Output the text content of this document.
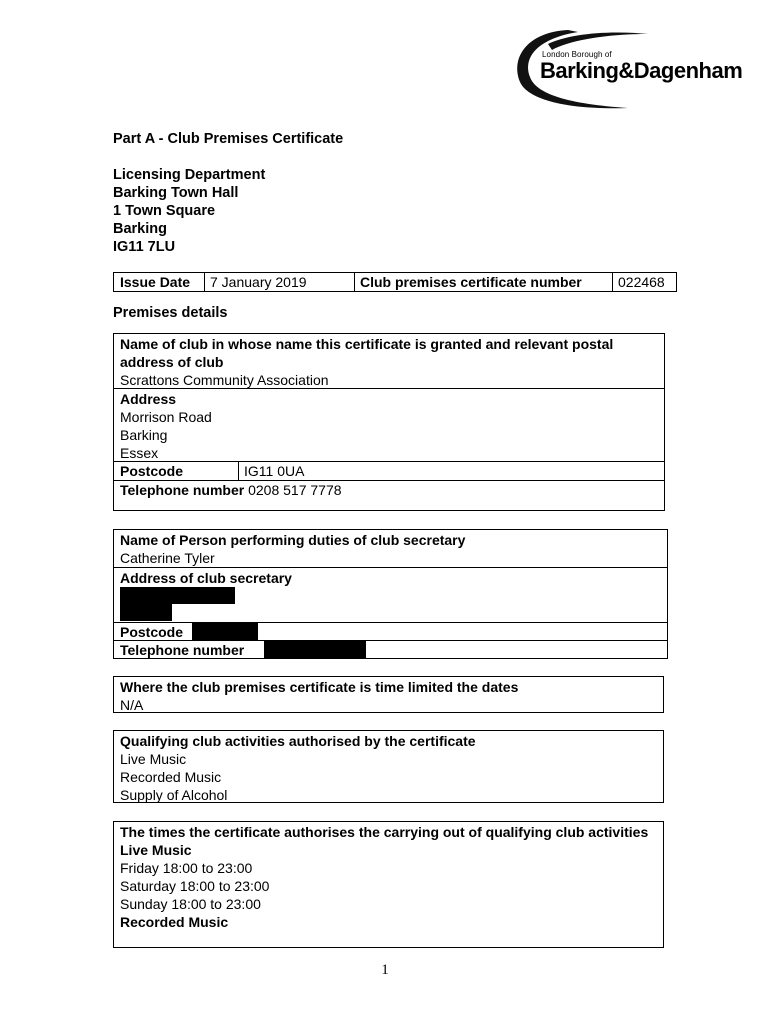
London Borough of
Barking&Dagenham
Part A - Club Premises Certificate
Licensing Department
Barking Town Hall
1 Town Square
Barking
IG11 7LU
Issue Date	7 January 2019	Club premises certificate number	022468
Premises details
Name of club in whose name this certificate is granted and relevant postal address of club
Scrattons Community Association
Address
Morrison Road
Barking
Essex
Postcode	IG11 0UA
Telephone number 0208 517 7778
Name of Person performing duties of club secretary
Catherine Tyler
Address of club secretary
Postcode
Telephone number
Where the club premises certificate is time limited the dates
N/A
Qualifying club activities authorised by the certificate
Live Music
Recorded Music
Supply of Alcohol
The times the certificate authorises the carrying out of qualifying club activities
Live Music
Friday 18:00 to 23:00
Saturday 18:00 to 23:00
Sunday 18:00 to 23:00
Recorded Music
1
